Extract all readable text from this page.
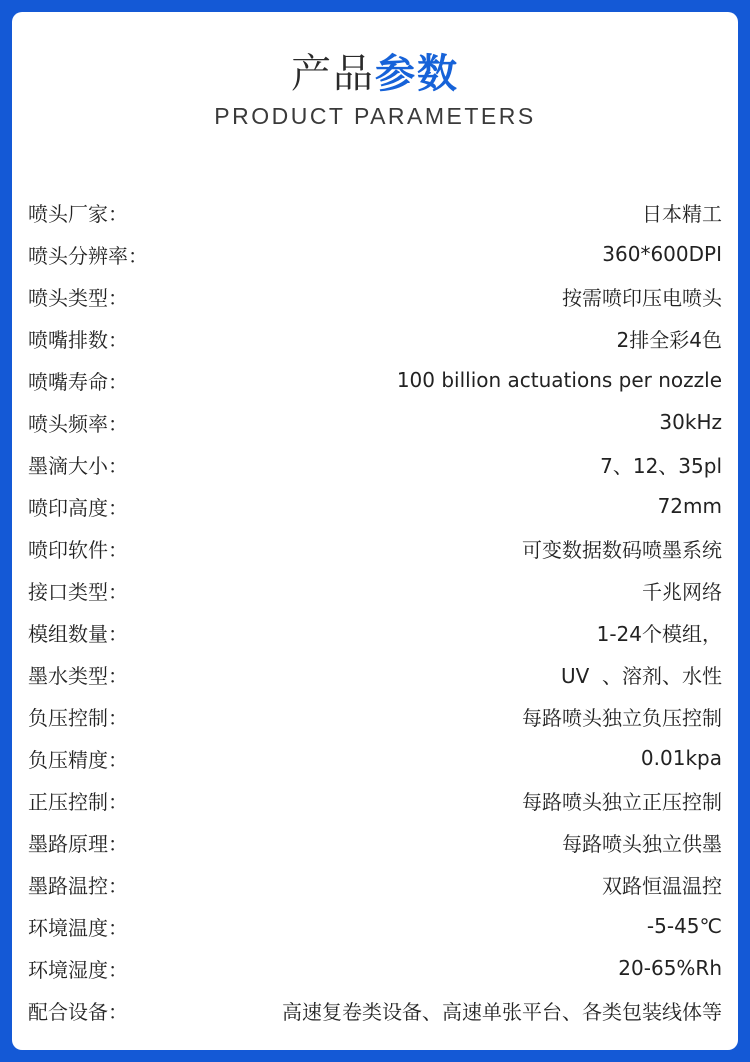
产品参数
PRODUCT PARAMETERS
喷头厂家：	日本精工
喷头分辨率：	360*600DPI
喷头类型：	按需喷印压电喷头
喷嘴排数：	2排全彩4色
喷嘴寿命：	100 billion actuations per nozzle
喷头频率：	30kHz
墨滴大小：	7、12、35pl
喷印高度：	72mm
喷印软件：	可变数据数码喷墨系统
接口类型：	千兆网络
模组数量：	1-24个模组，
墨水类型：	UV  、溶剂、水性
负压控制：	每路喷头独立负压控制
负压精度：	0.01kpa
正压控制：	每路喷头独立正压控制
墨路原理：	每路喷头独立供墨
墨路温控：	双路恒温温控
环境温度：	-5-45℃
环境湿度：	20-65%Rh
配合设备：	高速复卷类设备、高速单张平台、各类包装线体等
